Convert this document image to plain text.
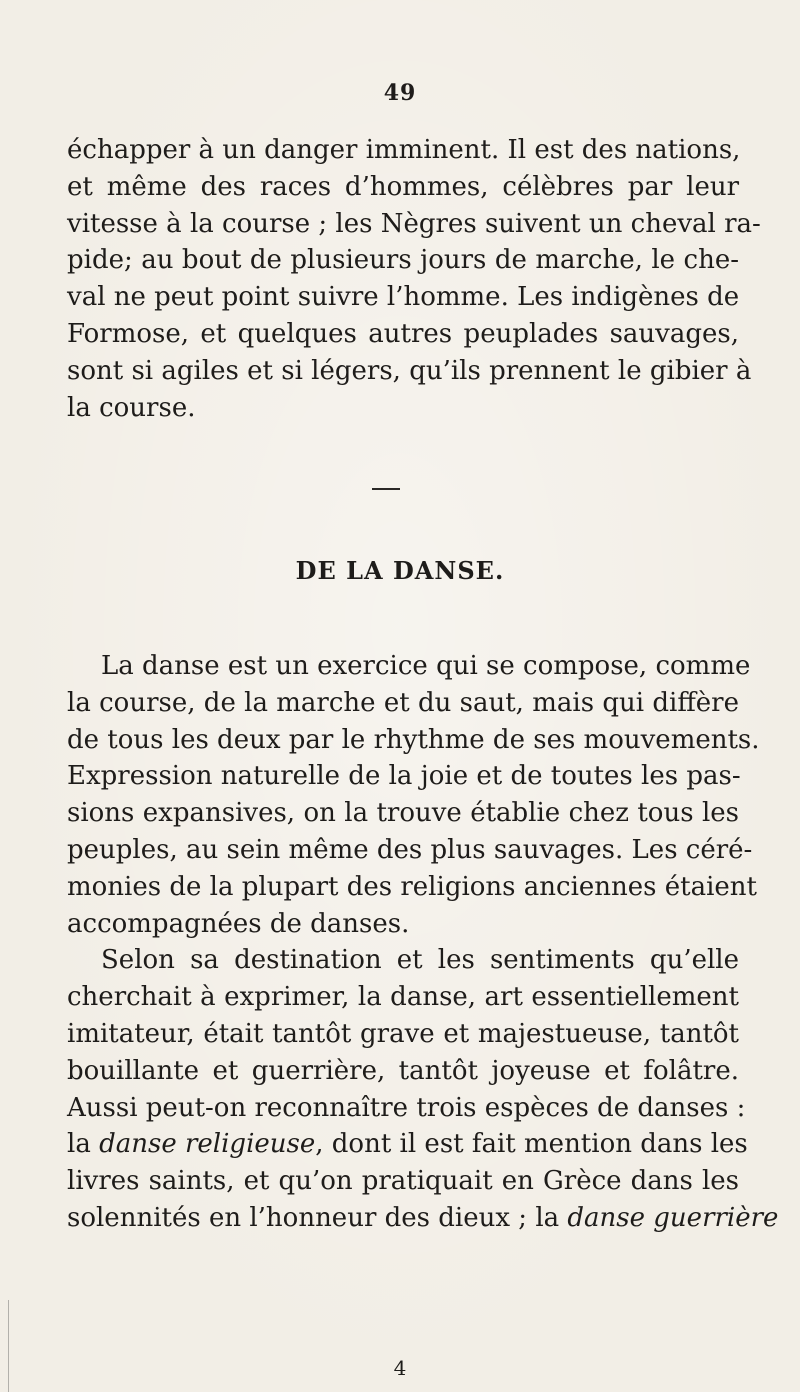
49
échapper à un danger imminent. Il est des nations,
et même des races d’hommes, célèbres par leur
vitesse à la course ; les Nègres suivent un cheval ra-
pide; au bout de plusieurs jours de marche, le che-
val ne peut point suivre l’homme. Les indigènes de
Formose, et quelques autres peuplades sauvages,
sont si agiles et si légers, qu’ils prennent le gibier à
la course.
DE LA DANSE.
La danse est un exercice qui se compose, comme
la course, de la marche et du saut, mais qui diffère
de tous les deux par le rhythme de ses mouvements.
Expression naturelle de la joie et de toutes les pas-
sions expansives, on la trouve établie chez tous les
peuples, au sein même des plus sauvages. Les céré-
monies de la plupart des religions anciennes étaient
accompagnées de danses.
Selon sa destination et les sentiments qu’elle
cherchait à exprimer, la danse, art essentiellement
imitateur, était tantôt grave et majestueuse, tantôt
bouillante et guerrière, tantôt joyeuse et folâtre.
Aussi peut-on reconnaître trois espèces de danses :
la danse religieuse, dont il est fait mention dans les
livres saints, et qu’on pratiquait en Grèce dans les
solennités en l’honneur des dieux ; la danse guerrière
4
